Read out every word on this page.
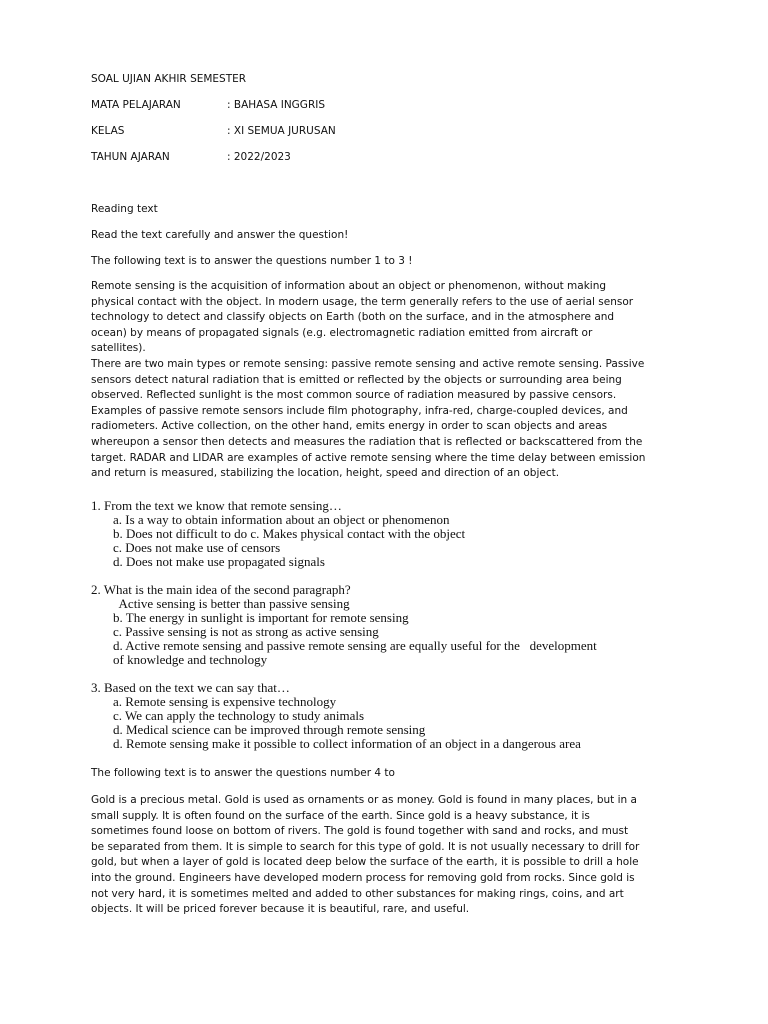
SOAL UJIAN AKHIR SEMESTER
MATA PELAJARAN	: BAHASA INGGRIS
KELAS	: XI SEMUA JURUSAN
TAHUN AJARAN	: 2022/2023
Reading text
Read the text carefully and answer the question!
The following text is to answer the questions number 1 to 3 !

Remote sensing is the acquisition of information about an object or phenomenon, without making

physical contact with the object. In modern usage, the term generally refers to the use of aerial sensor

technology to detect and classify objects on Earth (both on the surface, and in the atmosphere and

ocean) by means of propagated signals (e.g. electromagnetic radiation emitted from aircraft or

satellites).

There are two main types or remote sensing: passive remote sensing and active remote sensing. Passive

sensors detect natural radiation that is emitted or reflected by the objects or surrounding area being

observed. Reflected sunlight is the most common source of radiation measured by passive censors.

Examples of passive remote sensors include film photography, infra-red, charge-coupled devices, and

radiometers. Active collection, on the other hand, emits energy in order to scan objects and areas

whereupon a sensor then detects and measures the radiation that is reflected or backscattered from the

target. RADAR and LIDAR are examples of active remote sensing where the time delay between emission

and return is measured, stabilizing the location, height, speed and direction of an object.

1. From the text we know that remote sensing…

a. Is a way to obtain information about an object or phenomenon

b. Does not difficult to do c. Makes physical contact with the object

c. Does not make use of censors

d. Does not make use propagated signals

2. What is the main idea of the second paragraph?

Active sensing is better than passive sensing

b. The energy in sunlight is important for remote sensing

c. Passive sensing is not as strong as active sensing

d. Active remote sensing and passive remote sensing are equally useful for the   development

of knowledge and technology

3. Based on the text we can say that…

a. Remote sensing is expensive technology

c. We can apply the technology to study animals

d. Medical science can be improved through remote sensing

d. Remote sensing make it possible to collect information of an object in a dangerous area

The following text is to answer the questions number 4 to

Gold is a precious metal. Gold is used as ornaments or as money. Gold is found in many places, but in a

small supply. It is often found on the surface of the earth. Since gold is a heavy substance, it is

sometimes found loose on bottom of rivers. The gold is found together with sand and rocks, and must

be separated from them. It is simple to search for this type of gold. It is not usually necessary to drill for

gold, but when a layer of gold is located deep below the surface of the earth, it is possible to drill a hole

into the ground. Engineers have developed modern process for removing gold from rocks. Since gold is

not very hard, it is sometimes melted and added to other substances for making rings, coins, and art

objects. It will be priced forever because it is beautiful, rare, and useful.
